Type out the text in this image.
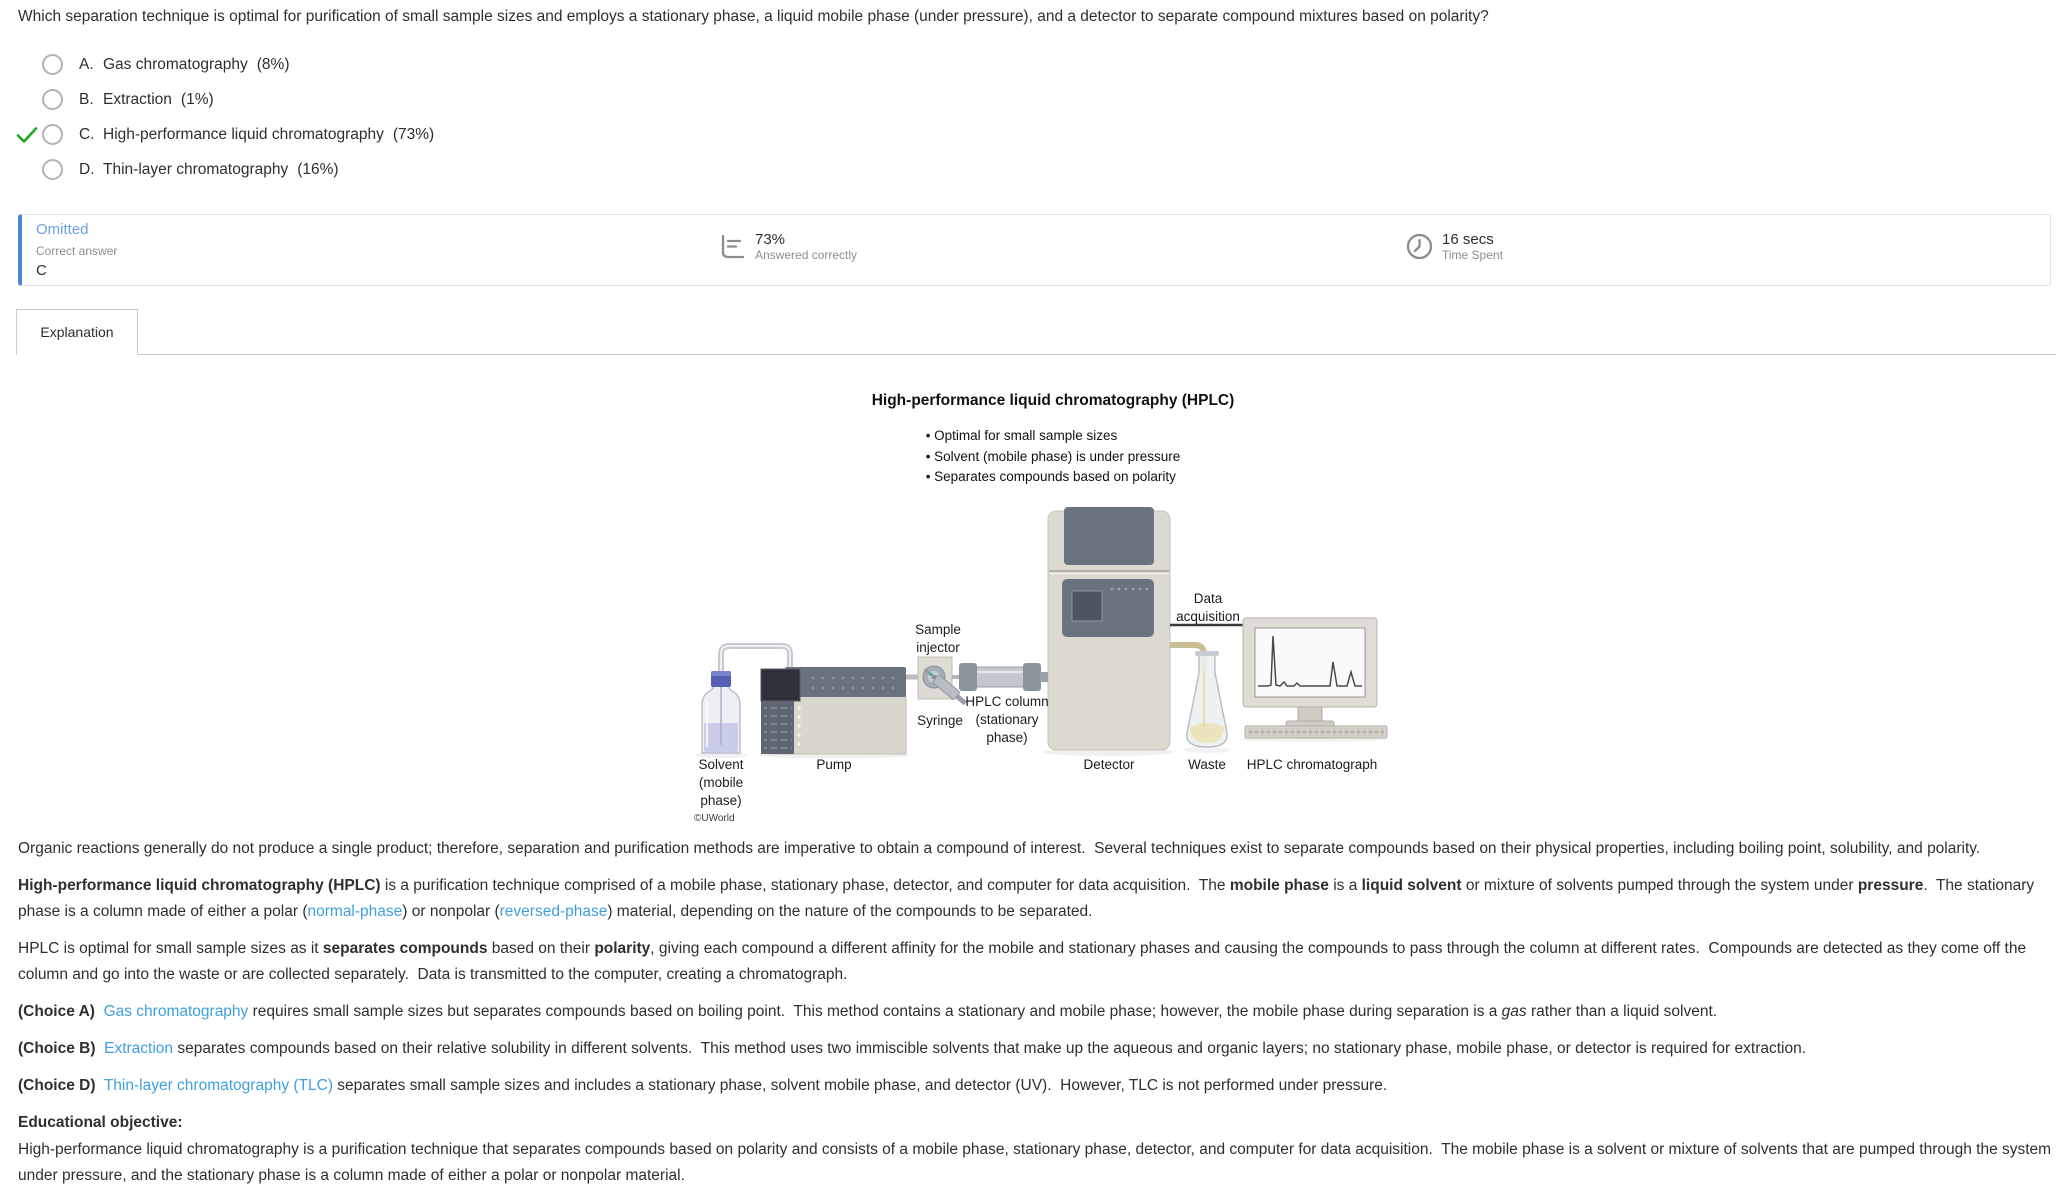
Which separation technique is optimal for purification of small sample sizes and employs a stationary phase, a liquid mobile phase (under pressure), and a detector to separate compound mixtures based on polarity?
A. Gas chromatography (8%)
B. Extraction (1%)
C. High-performance liquid chromatography (73%)
D. Thin-layer chromatography (16%)
Omitted
Correct answer
C
73%
Answered correctly
16 secs
Time Spent
Explanation
High-performance liquid chromatography (HPLC)
• Optimal for small sample sizes
• Solvent (mobile phase) is under pressure
• Separates compounds based on polarity
Solvent
(mobile
phase)
Pump
Sample
injector
Syringe
HPLC column
(stationary
phase)
Detector
Data
acquisition
Waste HPLC chromatograph
©UWorld

Organic reactions generally do not produce a single product; therefore, separation and purification methods are imperative to obtain a compound of interest.  Several techniques exist to separate compounds based on their physical properties, including boiling point, solubility, and polarity.

High-performance liquid chromatography (HPLC) is a purification technique comprised of a mobile phase, stationary phase, detector, and computer for data acquisition.  The mobile phase is a liquid solvent or mixture of solvents pumped through the system under pressure.  The stationary phase is a column made of either a polar (normal-phase) or nonpolar (reversed-phase) material, depending on the nature of the compounds to be separated.

HPLC is optimal for small sample sizes as it separates compounds based on their polarity, giving each compound a different affinity for the mobile and stationary phases and causing the compounds to pass through the column at different rates.  Compounds are detected as they come off the column and go into the waste or are collected separately.  Data is transmitted to the computer, creating a chromatograph.

(Choice A) Gas chromatography requires small sample sizes but separates compounds based on boiling point.  This method contains a stationary and mobile phase; however, the mobile phase during separation is a gas rather than a liquid solvent.

(Choice B) Extraction separates compounds based on their relative solubility in different solvents.  This method uses two immiscible solvents that make up the aqueous and organic layers; no stationary phase, mobile phase, or detector is required for extraction.

(Choice D) Thin-layer chromatography (TLC) separates small sample sizes and includes a stationary phase, solvent mobile phase, and detector (UV).  However, TLC is not performed under pressure.

Educational objective:

High-performance liquid chromatography is a purification technique that separates compounds based on polarity and consists of a mobile phase, stationary phase, detector, and computer for data acquisition.  The mobile phase is a solvent or mixture of solvents that are pumped through the system under pressure, and the stationary phase is a column made of either a polar or nonpolar material.
